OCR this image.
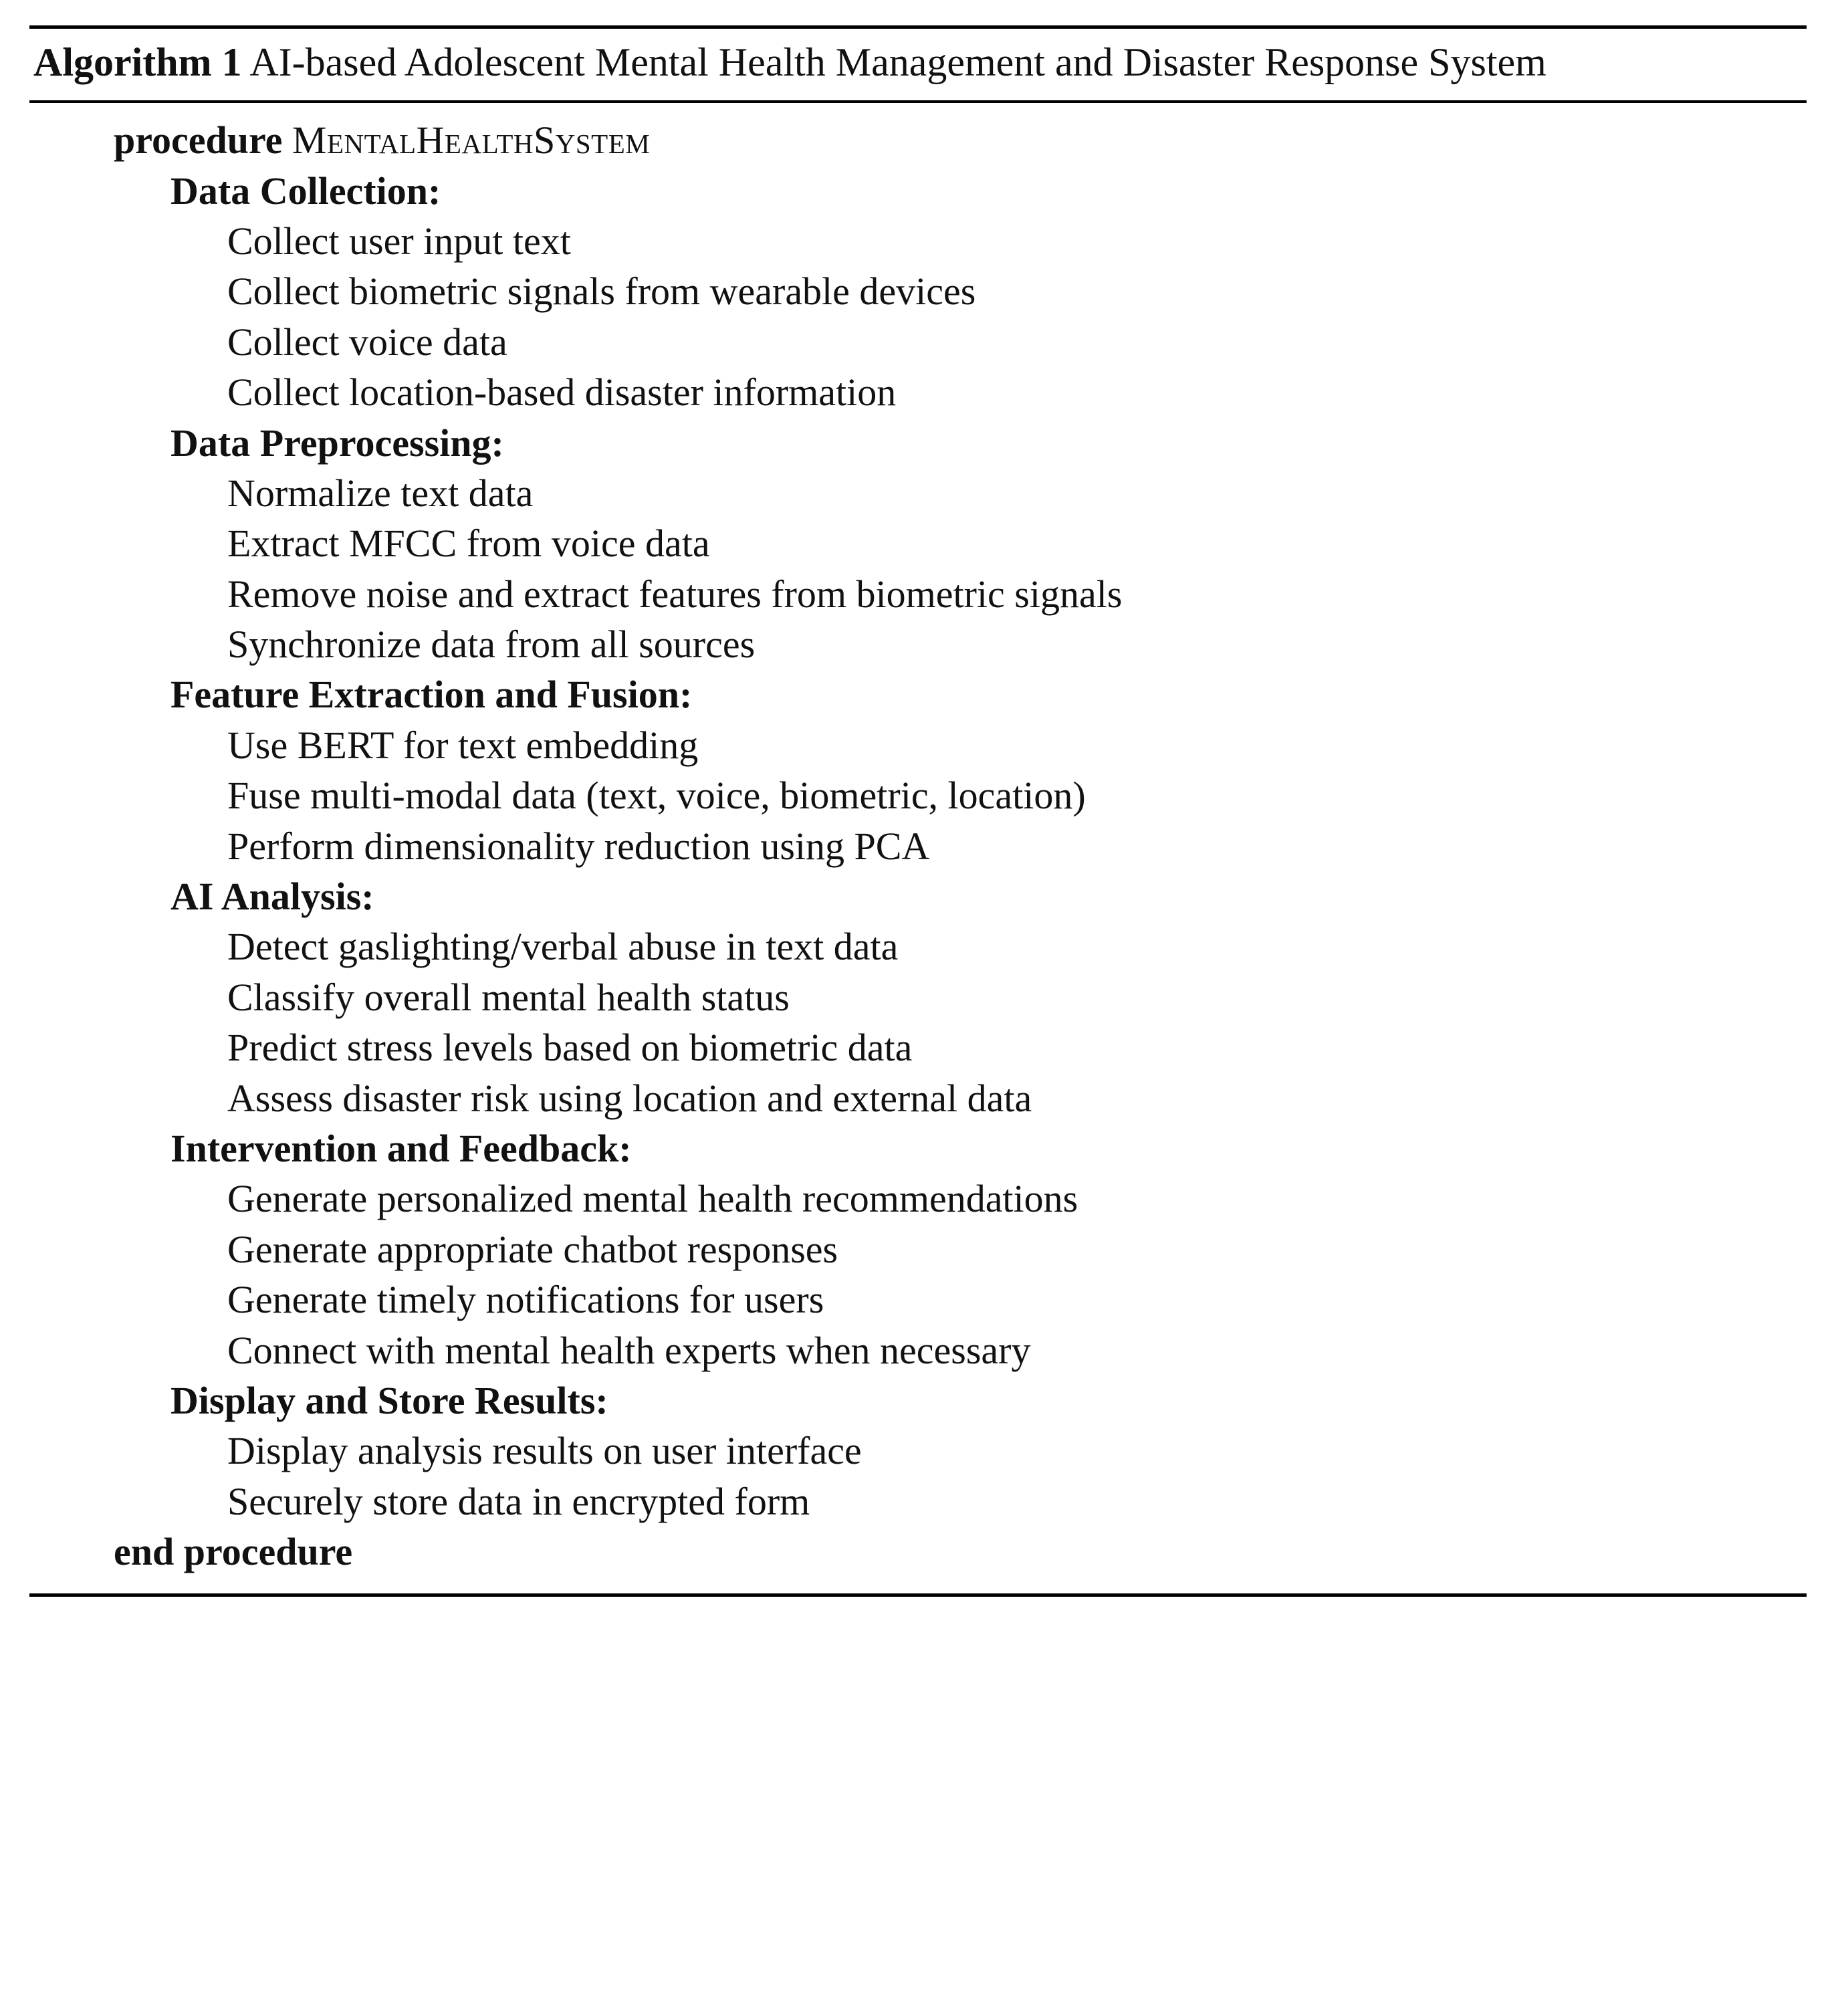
Algorithm 1 AI-based Adolescent Mental Health Management and Disaster Response System
procedure MentalHealthSystem
Data Collection:
Collect user input text
Collect biometric signals from wearable devices
Collect voice data
Collect location-based disaster information
Data Preprocessing:
Normalize text data
Extract MFCC from voice data
Remove noise and extract features from biometric signals
Synchronize data from all sources
Feature Extraction and Fusion:
Use BERT for text embedding
Fuse multi-modal data (text, voice, biometric, location)
Perform dimensionality reduction using PCA
AI Analysis:
Detect gaslighting/verbal abuse in text data
Classify overall mental health status
Predict stress levels based on biometric data
Assess disaster risk using location and external data
Intervention and Feedback:
Generate personalized mental health recommendations
Generate appropriate chatbot responses
Generate timely notifications for users
Connect with mental health experts when necessary
Display and Store Results:
Display analysis results on user interface
Securely store data in encrypted form
end procedure
